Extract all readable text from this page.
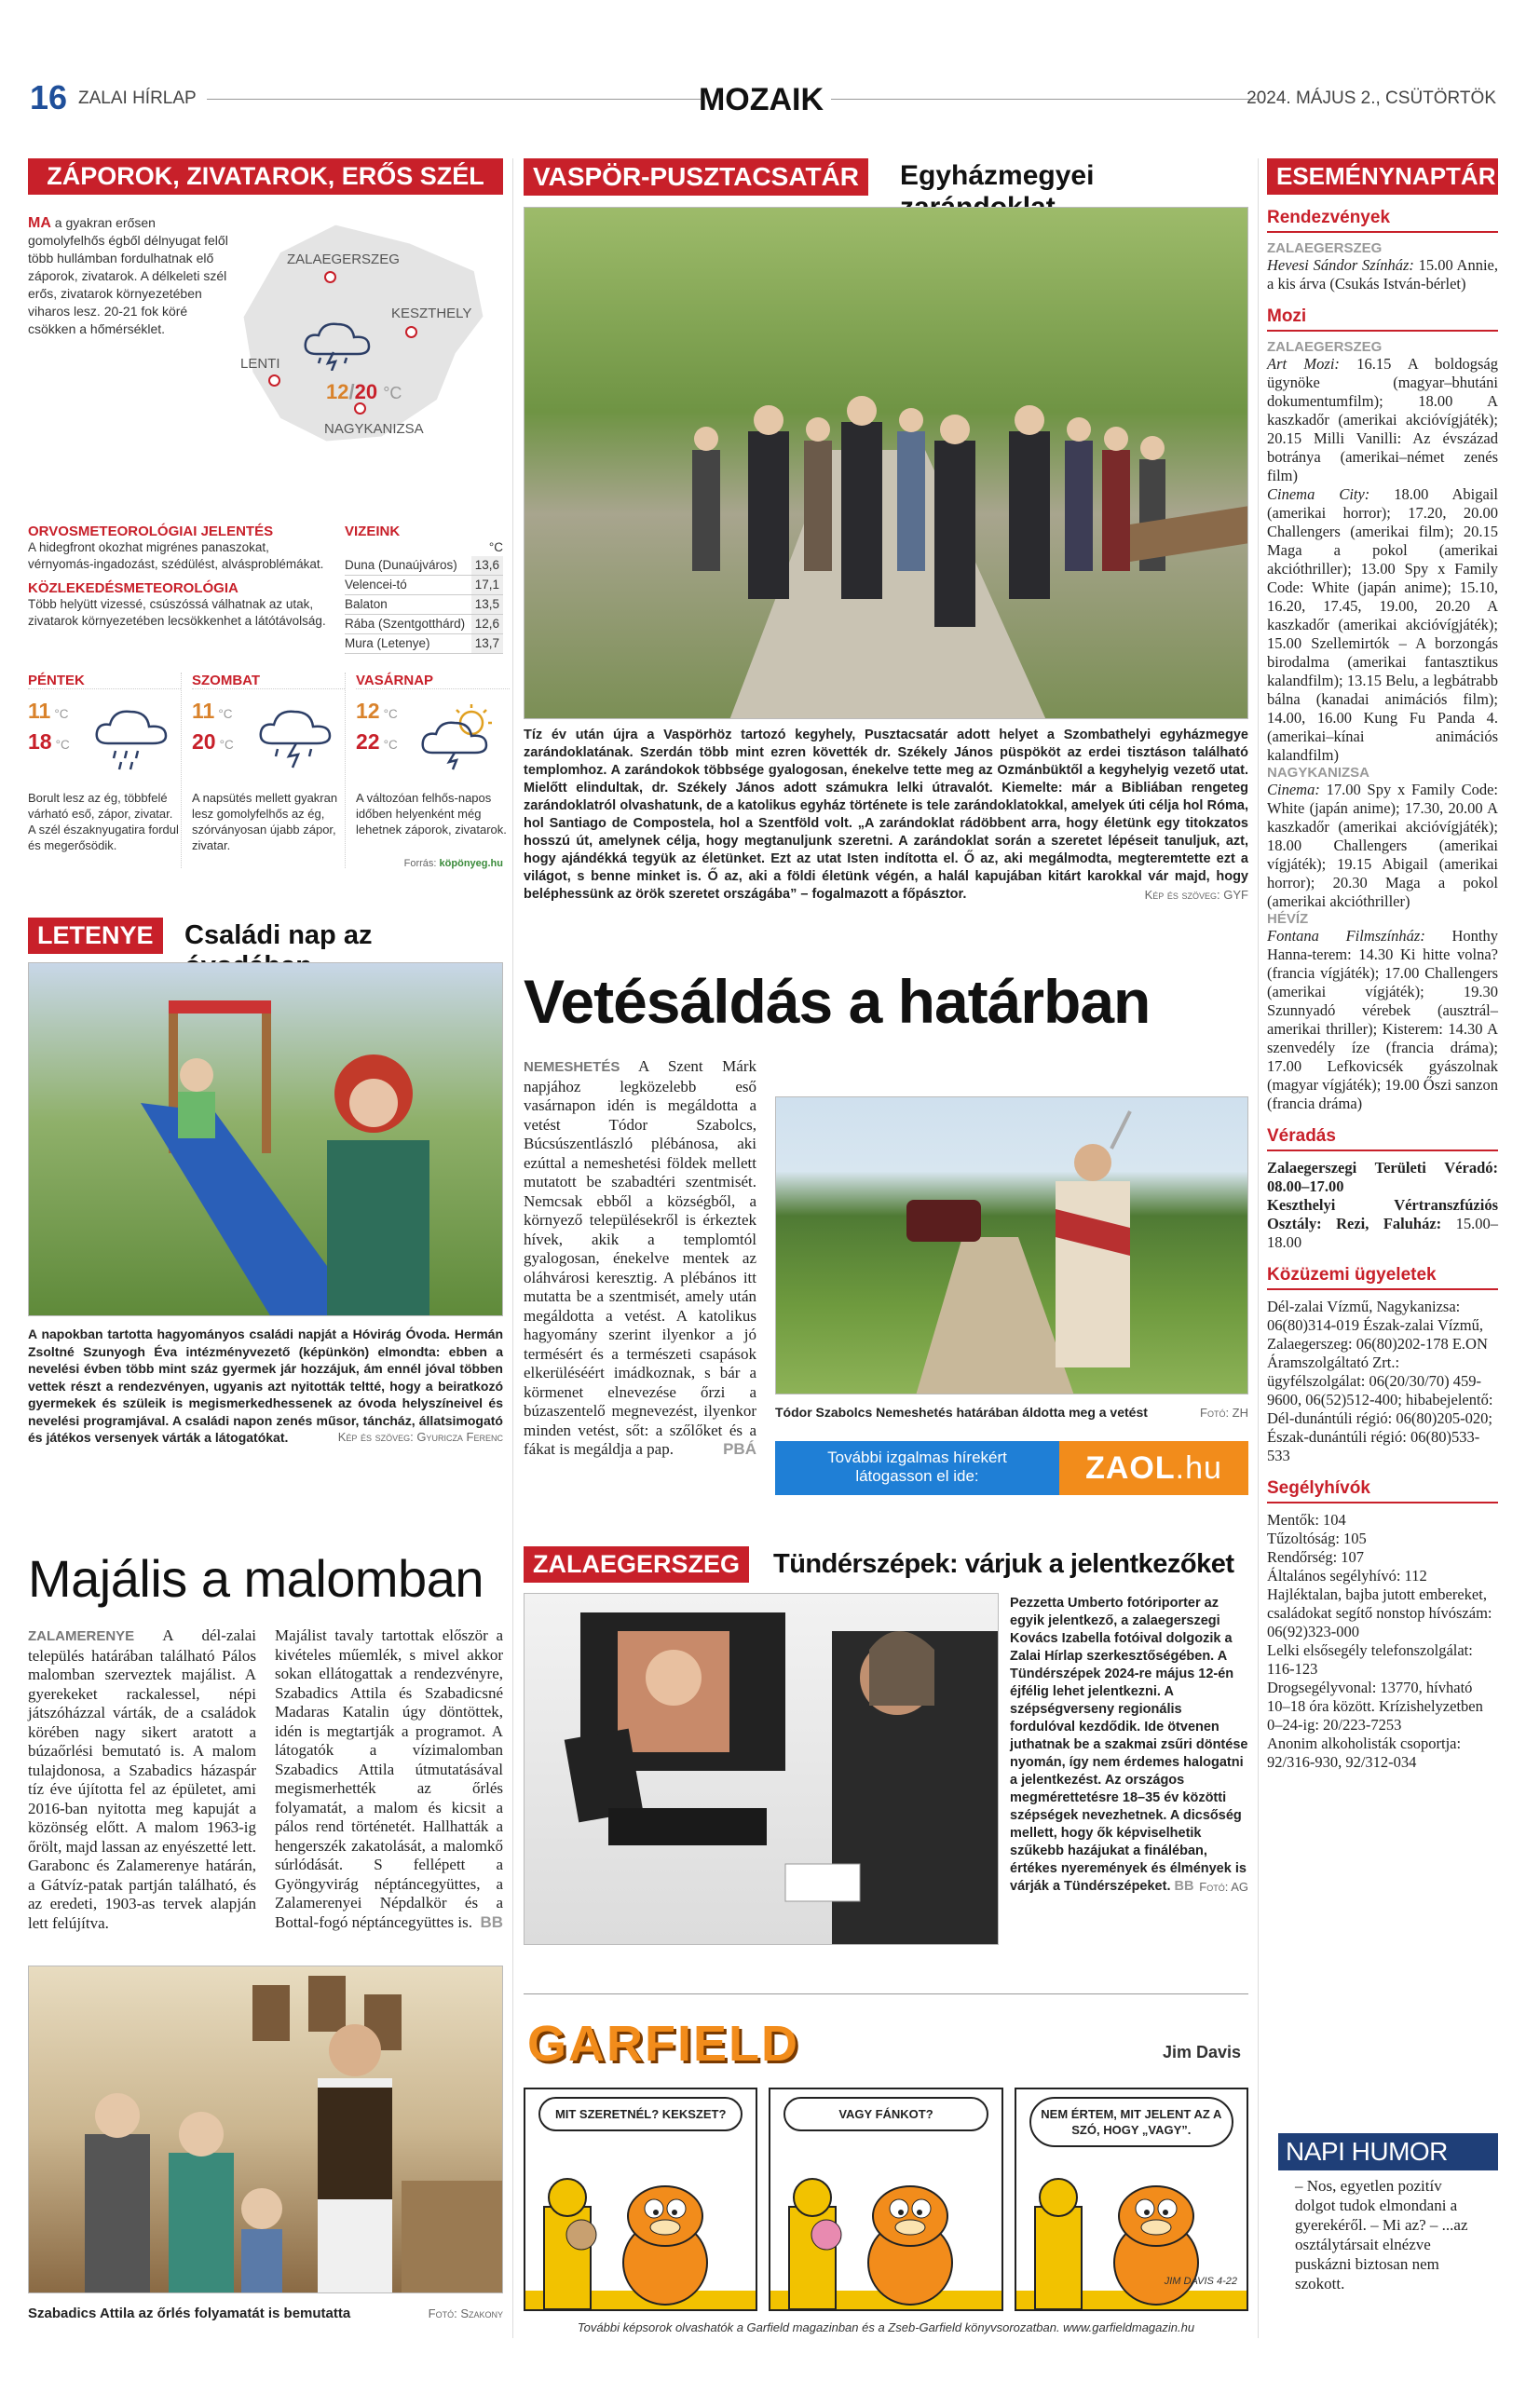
16 ZALAI HÍRLAP	MOZAIK	2024. MÁJUS 2., CSÜTÖRTÖK
ZÁPOROK, ZIVATAROK, ERŐS SZÉL
MA a gyakran erősen gomolyfelhős égből délnyugat felől több hullámban fordulhatnak elő záporok, zivatarok. A délkeleti szél erős, zivatarok környezetében viharos lesz. 20-21 fok köré csökken a hőmérséklet.
ZALAEGERSZEG
KESZTHELY
LENTI
NAGYKANIZSA
12/20 °C
ORVOSMETEOROLÓGIAI JELENTÉS
A hidegfront okozhat migrénes panaszokat, vérnyomás-ingadozást, szédülést, alvásproblémákat.
KÖZLEKEDÉSMETEOROLÓGIA
Több helyütt vizessé, csúszóssá válhatnak az utak, zivatarok környezetében lecsökkenhet a látótávolság.
VIZEINK
°C
Duna (Dunaújváros) 13,6
Velencei-tó	17,1
Balaton	13,5
Rába (Szentgotthárd) 12,6
Mura (Letenye)	13,7
PÉNTEK
11 °C
18 °C
Borult lesz az ég, többfelé várható eső, zápor, zivatar. A szél északnyugatira fordul és megerősödik.
SZOMBAT
11 °C
20 °C
A napsütés mellett gyakran lesz gomolyfelhős az ég, szórványosan újabb zápor, zivatar.
VASÁRNAP
12 °C
22 °C
A változóan felhős-napos időben helyenként még lehetnek záporok, zivatarok.
Forrás: köpönyeg.hu
VASPÖR-PUSZTACSATÁR Egyházmegyei
Tíz év után újra a Vaspörhöz tartozó kegyhely, Pusztacsatár adott helyet a Szombathelyi egyházmegye zarándoklatának. Szerdán több mint ezren követték dr. Székely János püspököt az erdei tisztáson található templomhoz. A zarándokok többsége gyalogosan, énekelve tette meg az Ozmánbüktől a kegyhelyig vezető utat. Mielőtt elindultak, dr. Székely János adott számukra lelki útravalót. Kiemelte: már a Bibliában rengeteg zarándoklatról olvashatunk, de a katolikus egyház története is tele zarándoklatokkal, amelyek úti célja hol Róma, hol Santiago de Compostela, hol a Szentföld volt. „A zarándoklat rádöbbent arra, hogy életünk egy titokzatos hosszú út, amelynek célja, hogy megtanuljunk szeretni. A zarándoklat során a szeretet lépéseit tanuljuk, azt, hogy ajándékká tegyük az életünket. Ezt az utat Isten indította el. Ő az, aki megálmodta, megteremtette ezt a világot, s benne minket is. Ő az, aki a földi életünk végén, a halál kapujában kitárt karokkal vár majd, hogy beléphessünk az örök szeretet országába” – fogalmazott a főpásztor.	Kép és szöveg: GYF
ESEMÉNYNAPTÁR
Rendezvények
ZALAEGERSZEG
Hevesi Sándor Színház: 15.00 Annie, a kis árva (Csukás István-bérlet)
Mozi
ZALAEGERSZEG
Art Mozi: 16.15 A boldogság ügynöke (magyar–bhutáni dokumentumfilm); 18.00 A kaszkadőr (amerikai akcióvígjáték); 20.15 Milli Vanilli: Az évszázad botránya (amerikai–német zenés film)
Cinema City: 18.00 Abigail (amerikai horror); 17.20, 20.00 Challengers (amerikai film); 20.15 Maga a pokol (amerikai akcióthriller); 13.00 Spy x Family Code: White (japán anime); 15.10, 16.20, 17.45, 19.00, 20.20 A kaszkadőr (amerikai akcióvígjáték); 15.00 Szellemirtók – A borzongás birodalma (amerikai fantasztikus kalandfilm); 13.15 Belu, a legbátrabb bálna (kanadai animációs film); 14.00, 16.00 Kung Fu Panda 4. (amerikai–kínai animációs kalandfilm)
NAGYKANIZSA
Cinema: 17.00 Spy x Family Code: White (japán anime); 17.30, 20.00 A kaszkadőr (amerikai akcióvígjáték); 18.00 Challengers (amerikai vígjáték); 19.15 Abigail (amerikai horror); 20.30 Maga a pokol (amerikai akcióthriller)
HÉVÍZ
Fontana Filmszínház: Honthy Hanna-terem: 14.30 Ki hitte volna? (francia vígjáték); 17.00 Challengers (amerikai vígjáték); 19.30 Szunnyadó vérebek (ausztrál–amerikai thriller); Kisterem: 14.30 A szenvedély íze (francia dráma); 17.00 Lefkovicsék gyászolnak (magyar vígjáték); 19.00 Őszi sanzon (francia dráma)
Véradás
Zalaegerszegi Területi Véradó: 08.00–17.00
Keszthelyi Vértranszfúziós Osztály: Rezi, Faluház: 15.00–18.00
Közüzemi ügyeletek
Dél-zalai Vízmű, Nagykanizsa: 06(80)314-019 Észak-zalai Vízmű, Zalaegerszeg: 06(80)202-178 E.ON Áramszolgáltató Zrt.: ügyfélszolgálat: 06(20/30/70) 459-9600, 06(52)512-400; hibabejelentő: Dél-dunántúli régió: 06(80)205-020; Észak-dunántúli régió: 06(80)533-533
Segélyhívók
Mentők: 104
Tűzoltóság: 105
Rendőrség: 107
Általános segélyhívó: 112
Hajléktalan, bajba jutott embereket, családokat segítő nonstop hívószám: 06(92)323-000
Lelki elsősegély telefonszolgálat: 116-123
Drogsegélyvonal: 13770, hívható 10–18 óra között. Krízishelyzetben 0–24-ig: 20/223-7253
Anonim alkoholisták csoportja: 92/316-930, 92/312-034
NAPI HUMOR
– Nos, egyetlen pozitív dolgot tudok elmondani a gyerekéről. – Mi az? – ...az osztálytársait elnézve puskázni biztosan nem szokott.
LETENYE Családi nap az
A napokban tartotta hagyományos családi napját a Hóvirág Óvoda. Hermán Zsoltné Szunyogh Éva intézményvezető (képünkön) elmondta: ebben a nevelési évben több mint száz gyermek jár hozzájuk, ám ennél jóval többen vettek részt a rendezvényen, ugyanis azt nyitották teltté, hogy a beiratkozó gyermekek és szüleik is megismerkedhessenek az óvoda helyszíneivel és nevelési programjával. A családi napon zenés műsor, táncház, állatsimogató és játékos versenyek várták a látogatókat.	Kép és szöveg: Gyuricza Ferenc
Vetésáldás a határban
NEMESHETÉS A Szent Márk napjához legközelebb eső vasárnapon idén is megáldotta a vetést Tódor Szabolcs, Búcsúszentlászló plébánosa, aki ezúttal a nemeshetési földek mellett mutatott be szabadtéri szentmisét. Nemcsak ebből a községből, a környező településekről is érkeztek hívek, akik a templomtól gyalogosan, énekelve mentek az oláhvárosi keresztig. A plébános itt mutatta be a szentmisét, amely után megáldotta a vetést. A katolikus hagyomány szerint ilyenkor a jó termésért és a természeti csapások elkerüléséért imádkoznak, s bár a körmenet elnevezése őrzi a búzaszentelő megnevezést, ilyenkor minden vetést, sőt: a szőlőket és a fákat is megáldja a pap.	PBÁ
Tódor Szabolcs Nemeshetés határában áldotta meg a vetést	Fotó: ZH
További izgalmas hírekért
látogasson el ide:	ZAOL.hu
Majális a malomban
ZALAMERENYE A dél-zalai település határában található Pálos malomban szerveztek majálist. A gyerekeket rackalessel, népi játszóházzal várták, de a családok körében nagy sikert aratott a búzaőrlési bemutató is. A malom tulajdonosa, a Szabadics házaspár tíz éve újította fel az épületet, ami 2016-ban nyitotta meg kapuját a közönség előtt. A malom 1963-ig őrölt, majd lassan az enyészetté lett. Garabonc és Zalamerenye határán, a Gátvíz-patak partján található, és az eredeti, 1903-as tervek alapján lett felújítva.
Majálist tavaly tartottak először a kivételes műemlék, s mivel akkor sokan ellátogattak a rendezvényre, Szabadics Attila és Szabadicsné Madaras Katalin úgy döntöttek, idén is megtartják a programot. A látogatók a vízimalomban Szabadics Attila útmutatásával megismerhették az őrlés folyamatát, a malom és kicsit a pálos rend történetét. Hallhatták a hengerszék zakatolását, a malomkő súrlódását. S fellépett a Gyöngyvirág néptáncegyüttes, a Zalamerenyei Népdalkör és a Bottal-fogó néptáncegyüttes is. BB
Szabadics Attila az őrlés folyamatát is bemutatta	Fotó: Szakony
ZALAEGERSZEG Tündérszépek: várjuk a jelentkezőket
Pezzetta Umberto fotóriporter az egyik jelentkező, a zalaegerszegi Kovács Izabella fotóival dolgozik a Zalai Hírlap szerkesztőségében. A Tündérszépek 2024-re május 12-én éjfélig lehet jelentkezni. A szépségverseny regionális fordulóval kezdődik. Ide ötvenen juthatnak be a szakmai zsűri döntése nyomán, így nem érdemes halogatni a jelentkezést. Az országos megmérettetésre 18–35 év közötti szépségek nevezhetnek. A dicsőség mellett, hogy ők képviselhetik szűkebb hazájukat a fináléban, értékes nyeremények és élmények is várják a Tündérszépeket. BB Fotó: AG
GARFIELD	Jim Davis
MIT SZERETNÉL? KEKSZET?	VAGY FÁNKOT?	NEM ÉRTEM, MIT JELENT AZ A SZÓ, HOGY „VAGY”.
JIM DAVIS 4-22
További képsorok olvashatók a Garfield magazinban és a Zseb-Garfield könyvsorozatban. www.garfieldmagazin.hu
